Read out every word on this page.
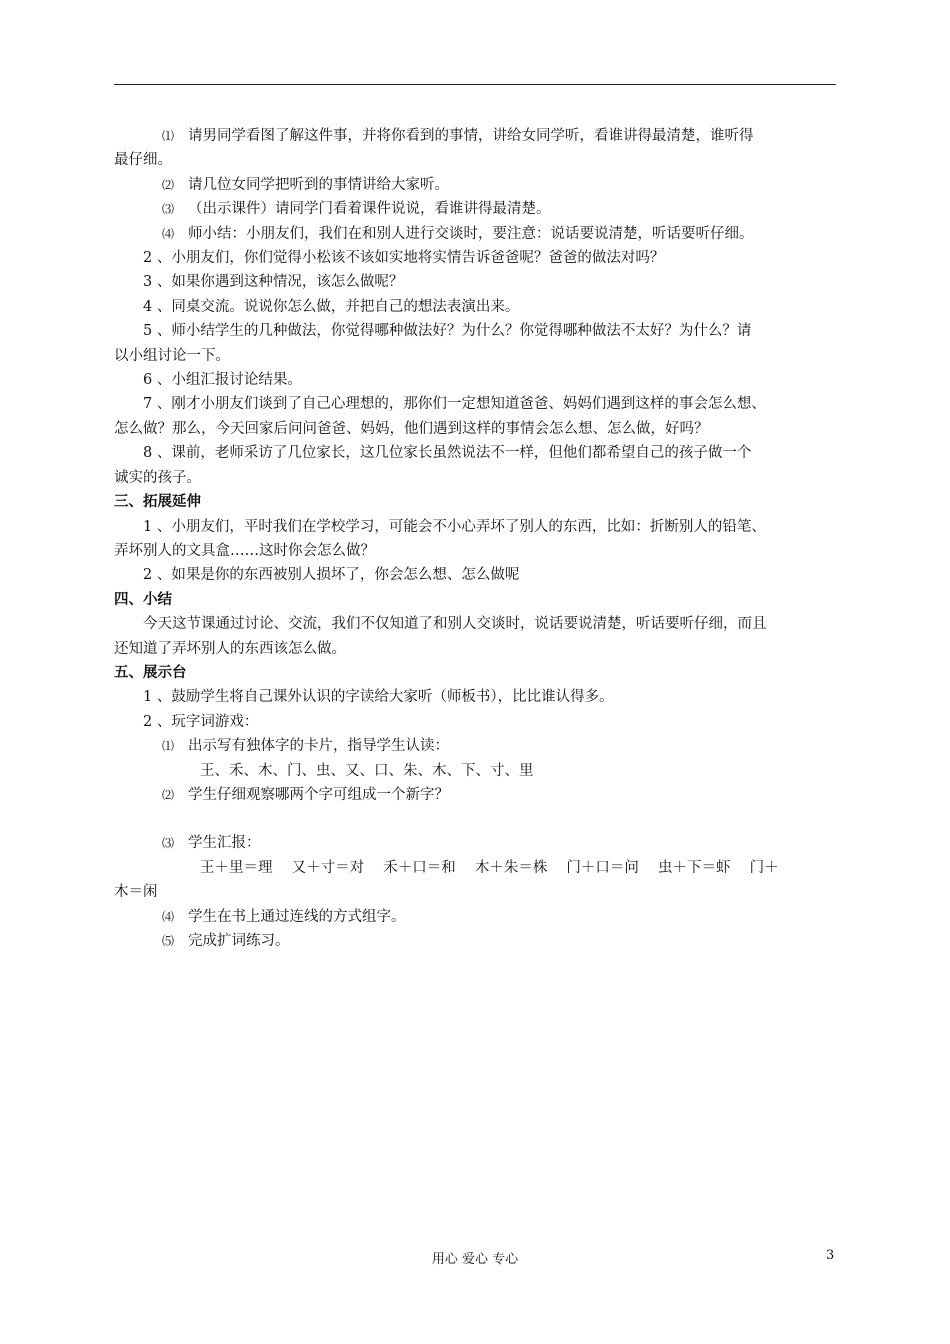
⑴ 请男同学看图了解这件事，并将你看到的事情，讲给女同学听，看谁讲得最清楚，谁听得

最仔细。

⑵ 请几位女同学把听到的事情讲给大家听。
⑶ （出示课件）请同学门看着课件说说，看谁讲得最清楚。
⑷ 师小结：小朋友们，我们在和别人进行交谈时，要注意：说话要说清楚，听话要听仔细。

2 、小朋友们，你们觉得小松该不该如实地将实情告诉爸爸呢？爸爸的做法对吗？

3 、如果你遇到这种情况，该怎么做呢？

4 、同桌交流。说说你怎么做，并把自己的想法表演出来。

5 、师小结学生的几种做法，你觉得哪种做法好？为什么？你觉得哪种做法不太好？为什么？请

以小组讨论一下。

6 、小组汇报讨论结果。

7 、刚才小朋友们谈到了自己心理想的，那你们一定想知道爸爸、妈妈们遇到这样的事会怎么想、

怎么做？那么，今天回家后问问爸爸、妈妈，他们遇到这样的事情会怎么想、怎么做，好吗？

8 、课前，老师采访了几位家长，这几位家长虽然说法不一样，但他们都希望自己的孩子做一个

诚实的孩子。

三、拓展延伸

1 、小朋友们，平时我们在学校学习，可能会不小心弄坏了别人的东西，比如：折断别人的铅笔、

弄坏别人的文具盒……这时你会怎么做？

2 、如果是你的东西被别人损坏了，你会怎么想、怎么做呢

四、小结

今天这节课通过讨论、交流，我们不仅知道了和别人交谈时，说话要说清楚，听话要听仔细，而且

还知道了弄坏别人的东西该怎么做。

五、展示台

1 、鼓励学生将自己课外认识的字读给大家听（师板书），比比谁认得多。

2 、玩字词游戏：

⑴ 出示写有独体字的卡片，指导学生认读：

王、禾、木、门、虫、又、口、朱、木、下、寸、里

⑵ 学生仔细观察哪两个字可组成一个新字？
⑶ 学生汇报：

王＋里＝理　 又＋寸＝对　 禾＋口＝和　 木＋朱＝株　 门＋口＝问　 虫＋下＝虾　 门＋

木＝闲

⑷ 学生在书上通过连线的方式组字。
⑸ 完成扩词练习。
用心 爱心 专心	3
